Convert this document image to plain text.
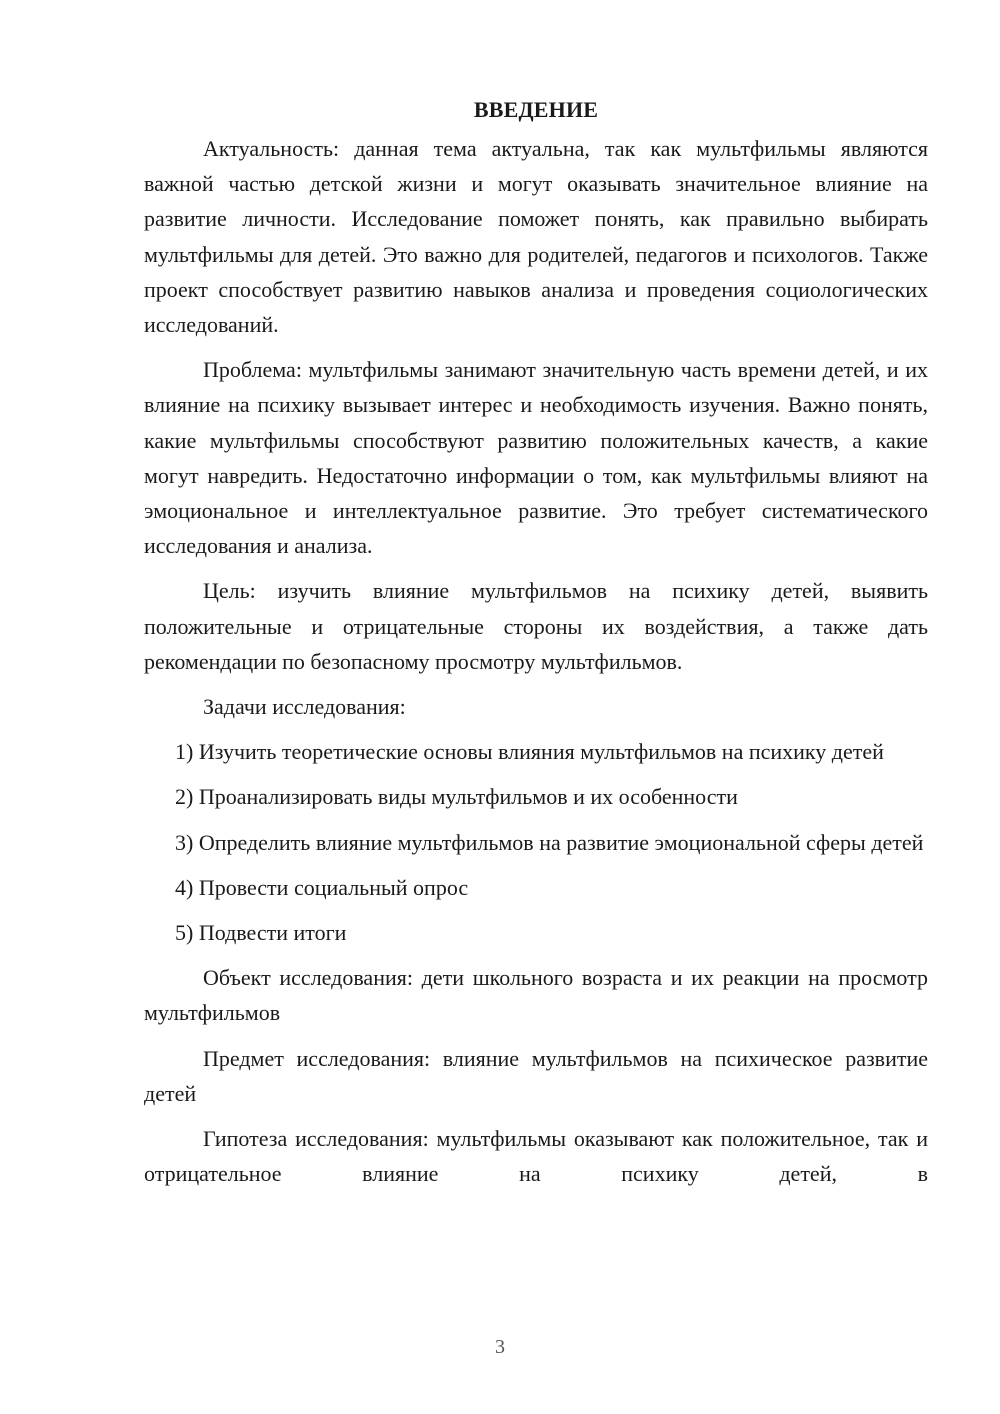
ВВЕДЕНИЕ

Актуальность: данная тема актуальна, так как мультфильмы являются важной частью детской жизни и могут оказывать значительное влияние на развитие личности. Исследование поможет понять, как правильно выбирать мультфильмы для детей. Это важно для родителей, педагогов и психологов. Также проект способствует развитию навыков анализа и проведения социологических исследований.

Проблема: мультфильмы занимают значительную часть времени детей, и их влияние на психику вызывает интерес и необходимость изучения. Важно понять, какие мультфильмы способствуют развитию положительных качеств, а какие могут навредить. Недостаточно информации о том, как мультфильмы влияют на эмоциональное и интеллектуальное развитие. Это требует систематического исследования и анализа.

Цель: изучить влияние мультфильмов на психику детей, выявить положительные и отрицательные стороны их воздействия, а также дать рекомендации по безопасному просмотру мультфильмов.

Задачи исследования:

1) Изучить теоретические основы влияния мультфильмов на психику детей

2) Проанализировать виды мультфильмов и их особенности

3) Определить влияние мультфильмов на развитие эмоциональной сферы детей

4) Провести социальный опрос

5) Подвести итоги

Объект исследования: дети школьного возраста и их реакции на просмотр мультфильмов

Предмет исследования: влияние мультфильмов на психическое развитие детей

Гипотеза исследования: мультфильмы оказывают как положительное, так и отрицательное влияние на психику детей, в

3
